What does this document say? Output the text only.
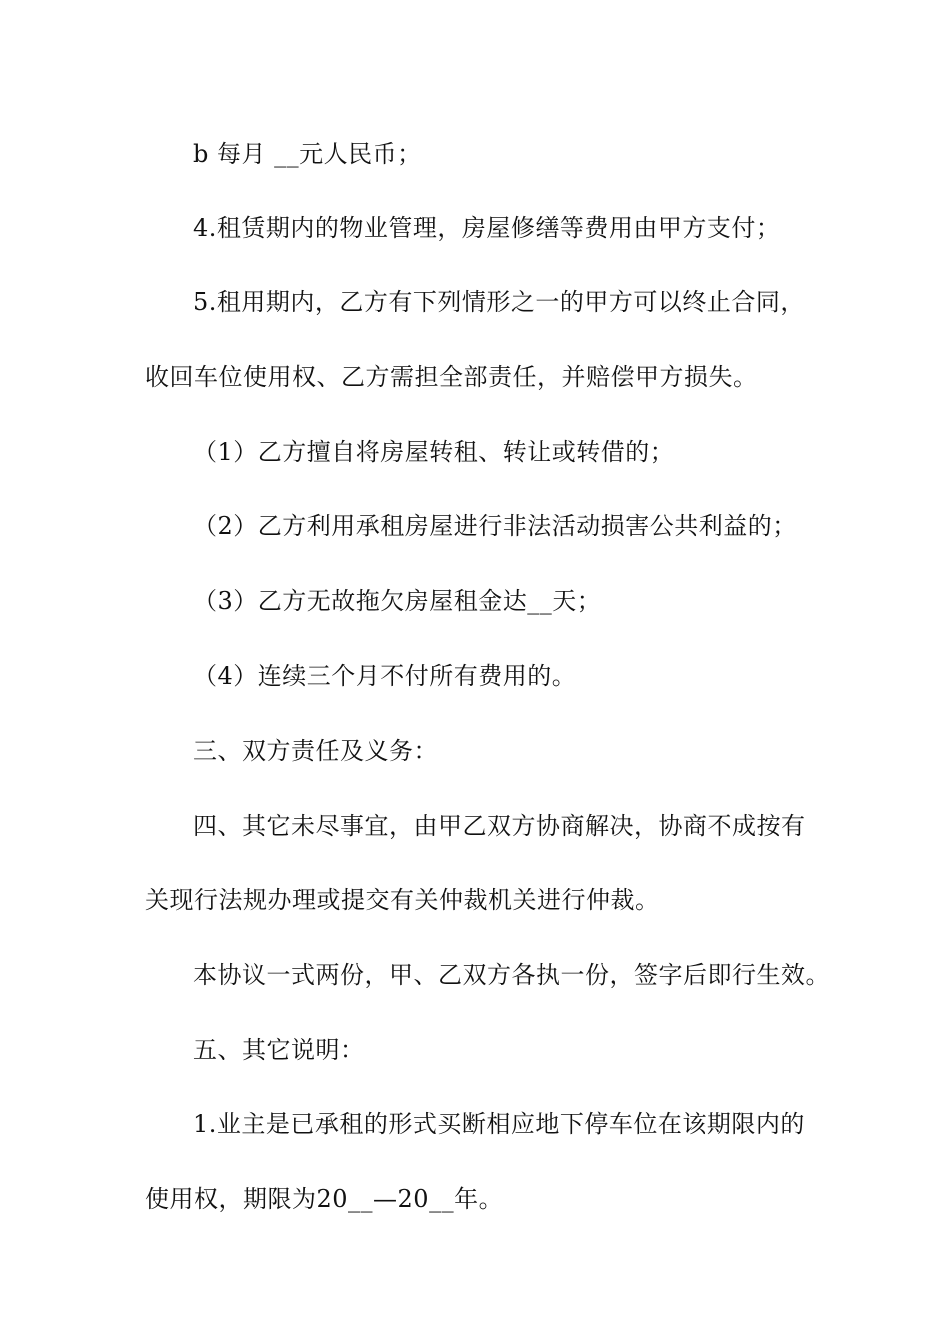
b 每月 __元人民币；
4.租赁期内的物业管理，房屋修缮等费用由甲方支付；
5.租用期内，乙方有下列情形之一的甲方可以终止合同，
收回车位使用权、乙方需担全部责任，并赔偿甲方损失。
（1）乙方擅自将房屋转租、转让或转借的；
（2）乙方利用承租房屋进行非法活动损害公共利益的；
（3）乙方无故拖欠房屋租金达__天；
（4）连续三个月不付所有费用的。
三、双方责任及义务：
四、其它未尽事宜，由甲乙双方协商解决，协商不成按有
关现行法规办理或提交有关仲裁机关进行仲裁。
本协议一式两份，甲、乙双方各执一份，签字后即行生效。
五、其它说明：
1.业主是已承租的形式买断相应地下停车位在该期限内的
使用权，期限为20__—20__年。
